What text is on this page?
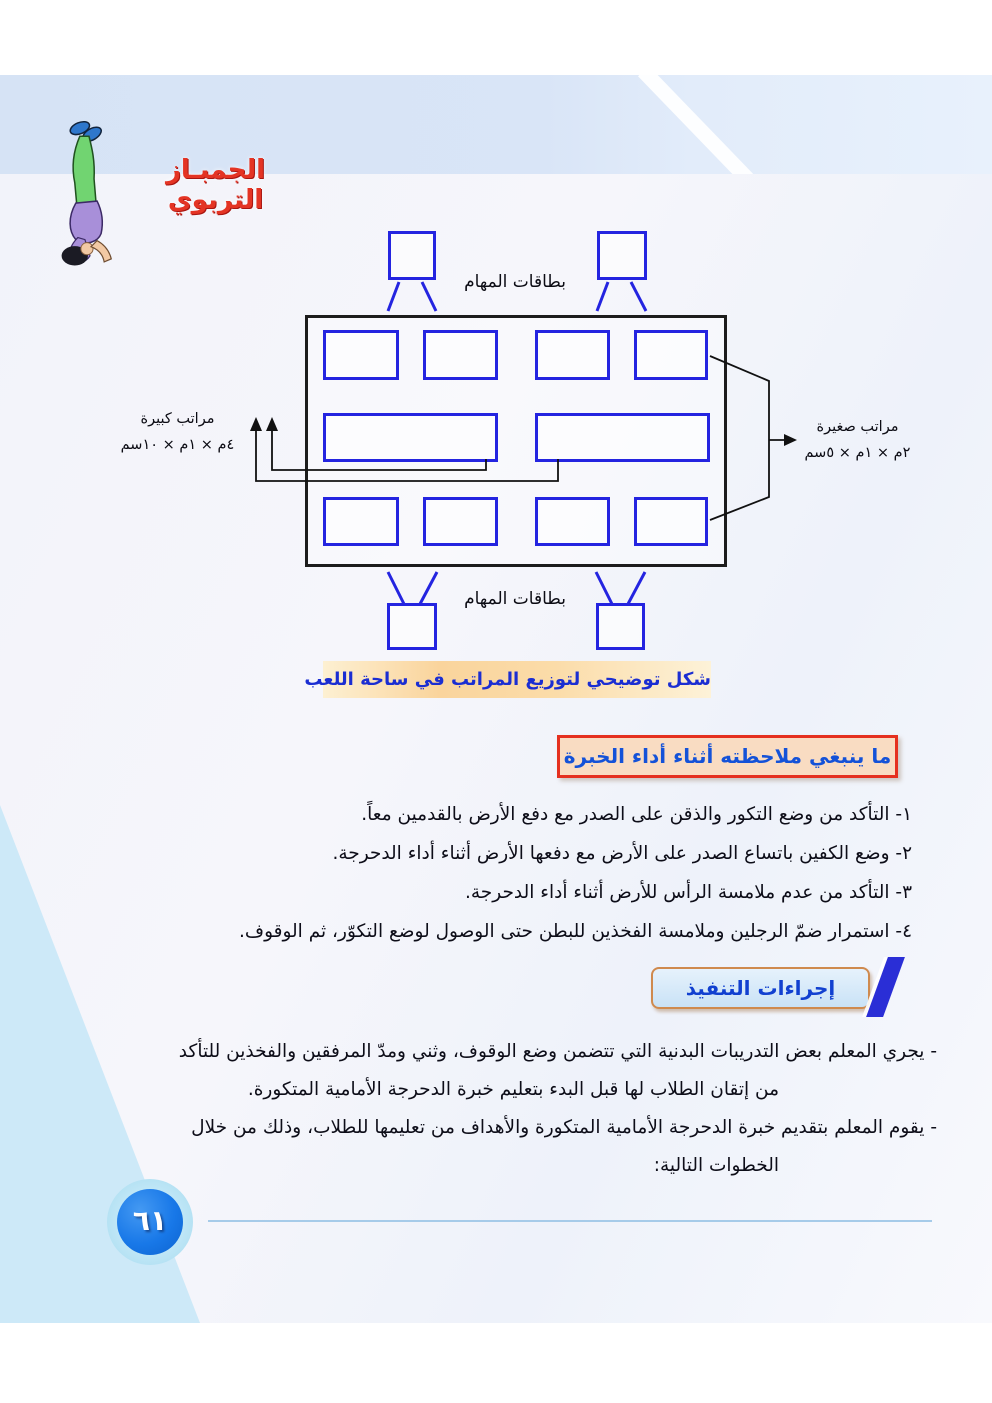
الجمبـاز التربوي
بطاقات المهام
بطاقات المهام
مراتب كبيرة
٤م × ١م × ١٠سم
مراتب صغيرة
٢م × ١م × ٥سم
شكل توضيحي لتوزيع المراتب في ساحة اللعب
ما ينبغي ملاحظته أثناء أداء الخبرة
١- التأكد من وضع التكور والذقن على الصدر مع دفع الأرض بالقدمين معاً.
٢- وضع الكفين باتساع الصدر على الأرض مع دفعها الأرض أثناء أداء الدحرجة.
٣- التأكد من عدم ملامسة الرأس للأرض أثناء أداء الدحرجة.
٤- استمرار ضمّ الرجلين وملامسة الفخذين للبطن حتى الوصول لوضع التكوّر، ثم الوقوف.
إجراءات التنفيذ
- يجري المعلم بعض التدريبات البدنية التي تتضمن وضع الوقوف، وثني ومدّ المرفقين والفخذين للتأكد
من إتقان الطلاب لها قبل البدء بتعليم خبرة الدحرجة الأمامية المتكورة.
- يقوم المعلم بتقديم خبرة الدحرجة الأمامية المتكورة والأهداف من تعليمها للطلاب، وذلك من خلال
الخطوات التالية:
٦١
